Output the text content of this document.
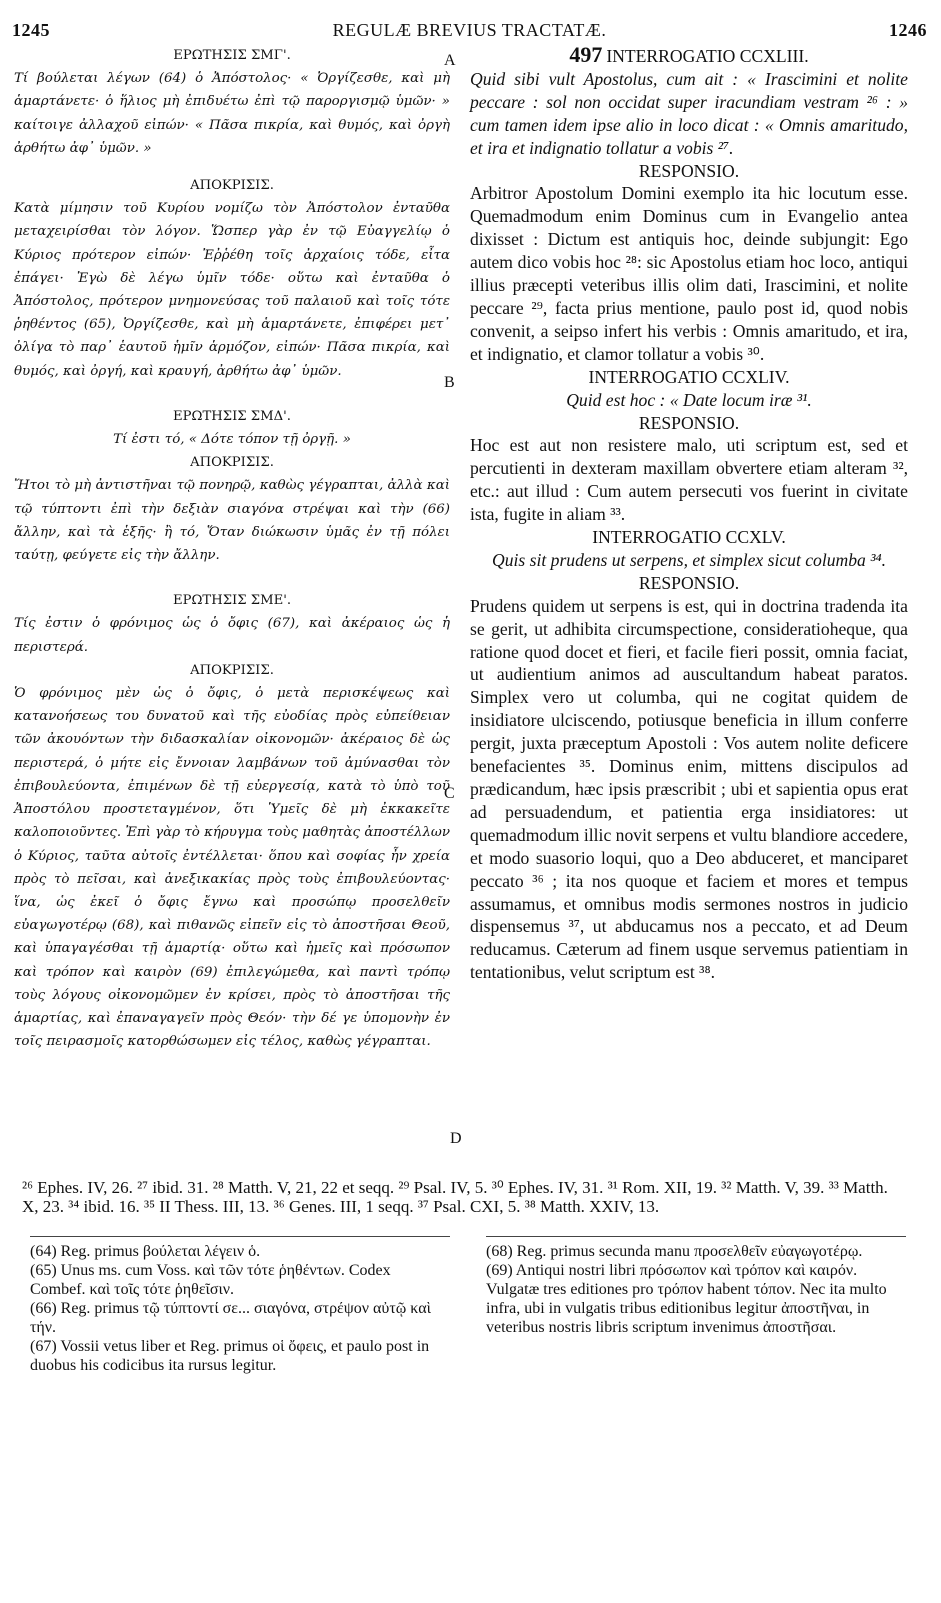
1245	REGULÆ BREVIUS TRACTATÆ.	1246
A
B
C
D
ΕΡΩΤΗΣΙΣ ΣΜΓ'.
Τί βούλεται λέγων (64) ὁ Ἀπόστολος· « Ὀργίζεσθε, καὶ μὴ ἁμαρτάνετε· ὁ ἥλιος μὴ ἐπιδυέτω ἐπὶ τῷ παροργισμῷ ὑμῶν· » καίτοιγε ἀλλαχοῦ εἰπών· « Πᾶσα πικρία, καὶ θυμός, καὶ ὀργὴ ἀρθήτω ἀφ᾽ ὑμῶν. »
ΑΠΟΚΡΙΣΙΣ.
Κατὰ μίμησιν τοῦ Κυρίου νομίζω τὸν Ἀπόστολον ἐνταῦθα μεταχειρίσθαι τὸν λόγον. Ὥσπερ γὰρ ἐν τῷ Εὐαγγελίῳ ὁ Κύριος πρότερον εἰπών· Ἐῤῥέθη τοῖς ἀρχαίοις τόδε, εἶτα ἐπάγει· Ἐγὼ δὲ λέγω ὑμῖν τόδε· οὕτω καὶ ἐνταῦθα ὁ Ἀπόστολος, πρότερον μνημονεύσας τοῦ παλαιοῦ καὶ τοῖς τότε ῥηθέντος (65), Ὀργίζεσθε, καὶ μὴ ἁμαρτάνετε, ἐπιφέρει μετ᾽ ὀλίγα τὸ παρ᾽ ἑαυτοῦ ἡμῖν ἁρμόζον, εἰπών· Πᾶσα πικρία, καὶ θυμός, καὶ ὀργή, καὶ κραυγή, ἀρθήτω ἀφ᾽ ὑμῶν.
ΕΡΩΤΗΣΙΣ ΣΜΔ'.
Τί ἐστι τό, « Δότε τόπον τῇ ὀργῇ. »
ΑΠΟΚΡΙΣΙΣ.
Ἤτοι τὸ μὴ ἀντιστῆναι τῷ πονηρῷ, καθὼς γέγραπται, ἀλλὰ καὶ τῷ τύπτοντι ἐπὶ τὴν δεξιὰν σιαγόνα στρέψαι καὶ τὴν (66) ἄλλην, καὶ τὰ ἑξῆς· ἢ τό, Ὅταν διώκωσιν ὑμᾶς ἐν τῇ πόλει ταύτῃ, φεύγετε εἰς τὴν ἄλλην.
ΕΡΩΤΗΣΙΣ ΣΜΕ'.
Τίς ἐστιν ὁ φρόνιμος ὡς ὁ ὄφις (67), καὶ ἀκέραιος ὡς ἡ περιστερά.
ΑΠΟΚΡΙΣΙΣ.
Ὁ φρόνιμος μὲν ὡς ὁ ὄφις, ὁ μετὰ περισκέψεως καὶ κατανοήσεως του δυνατοῦ καὶ τῆς εὐοδίας πρὸς εὐπείθειαν τῶν ἀκουόντων τὴν διδασκαλίαν οἰκονομῶν· ἀκέραιος δὲ ὡς περιστερά, ὁ μήτε εἰς ἔννοιαν λαμβάνων τοῦ ἀμύνασθαι τὸν ἐπιβουλεύοντα, ἐπιμένων δὲ τῇ εὐεργεσίᾳ, κατὰ τὸ ὑπὸ τοῦ Ἀποστόλου προστεταγμένον, ὅτι Ὑμεῖς δὲ μὴ ἐκκακεῖτε καλοποιοῦντες. Ἐπὶ γὰρ τὸ κήρυγμα τοὺς μαθητὰς ἀποστέλλων ὁ Κύριος, ταῦτα αὐτοῖς ἐντέλλεται· ὅπου καὶ σοφίας ἦν χρεία πρὸς τὸ πεῖσαι, καὶ ἀνεξικακίας πρὸς τοὺς ἐπιβουλεύοντας· ἵνα, ὡς ἐκεῖ ὁ ὄφις ἔγνω καὶ προσώπῳ προσελθεῖν εὐαγωγοτέρῳ (68), καὶ πιθανῶς εἰπεῖν εἰς τὸ ἀποστῆσαι Θεοῦ, καὶ ὑπαγαγέσθαι τῇ ἁμαρτίᾳ· οὕτω καὶ ἡμεῖς καὶ πρόσωπον καὶ τρόπον καὶ καιρὸν (69) ἐπιλεγώμεθα, καὶ παντὶ τρόπῳ τοὺς λόγους οἰκονομῶμεν ἐν κρίσει, πρὸς τὸ ἀποστῆσαι τῆς ἁμαρτίας, καὶ ἐπαναγαγεῖν πρὸς Θεόν· τὴν δέ γε ὑπομονὴν ἐν τοῖς πειρασμοῖς κατορθώσωμεν εἰς τέλος, καθὼς γέγραπται.
497 INTERROGATIO CCXLIII.
Quid sibi vult Apostolus, cum ait : « Irascimini et nolite peccare : sol non occidat super iracundiam vestram ²⁶ : » cum tamen idem ipse alio in loco dicat : « Omnis amaritudo, et ira et indignatio tollatur a vobis ²⁷.
RESPONSIO.
Arbitror Apostolum Domini exemplo ita hic locutum esse. Quemadmodum enim Dominus cum in Evangelio antea dixisset : Dictum est antiquis hoc, deinde subjungit: Ego autem dico vobis hoc ²⁸: sic Apostolus etiam hoc loco, antiqui illius præcepti veteribus illis olim dati, Irascimini, et nolite peccare ²⁹, facta prius mentione, paulo post id, quod nobis convenit, a seipso infert his verbis : Omnis amaritudo, et ira, et indignatio, et clamor tollatur a vobis ³⁰.
INTERROGATIO CCXLIV.
Quid est hoc : « Date locum iræ ³¹.
RESPONSIO.
Hoc est aut non resistere malo, uti scriptum est, sed et percutienti in dexteram maxillam obvertere etiam alteram ³², etc.: aut illud : Cum autem persecuti vos fuerint in civitate ista, fugite in aliam ³³.
INTERROGATIO CCXLV.
Quis sit prudens ut serpens, et simplex sicut columba ³⁴.
RESPONSIO.
Prudens quidem ut serpens is est, qui in doctrina tradenda ita se gerit, ut adhibita circumspectione, consideratioheque, qua ratione quod docet et fieri, et facile fieri possit, omnia faciat, ut audientium animos ad auscultandum habeat paratos. Simplex vero ut columba, qui ne cogitat quidem de insidiatore ulciscendo, potiusque beneficia in illum conferre pergit, juxta præceptum Apostoli : Vos autem nolite deficere benefacientes ³⁵. Dominus enim, mittens discipulos ad prædicandum, hæc ipsis præscribit ; ubi et sapientia opus erat ad persuadendum, et patientia erga insidiatores: ut quemadmodum illic novit serpens et vultu blandiore accedere, et modo suasorio loqui, quo a Deo abduceret, et manciparet peccato ³⁶ ; ita nos quoque et faciem et mores et tempus assumamus, et omnibus modis sermones nostros in judicio dispensemus ³⁷, ut abducamus nos a peccato, et ad Deum reducamus. Cæterum ad finem usque servemus patientiam in tentationibus, velut scriptum est ³⁸.
²⁶ Ephes. IV, 26. ²⁷ ibid. 31. ²⁸ Matth. V, 21, 22 et seqq. ²⁹ Psal. IV, 5. ³⁰ Ephes. IV, 31. ³¹ Rom. XII, 19. ³² Matth. V, 39. ³³ Matth. X, 23. ³⁴ ibid. 16. ³⁵ II Thess. III, 13. ³⁶ Genes. III, 1 seqq. ³⁷ Psal. CXI, 5. ³⁸ Matth. XXIV, 13.

(64) Reg. primus βούλεται λέγειν ὁ.

(65) Unus ms. cum Voss. καὶ τῶν τότε ῥηθέντων. Codex Combef. καὶ τοῖς τότε ῥηθεῖσιν.

(66) Reg. primus τῷ τύπτοντί σε... σιαγόνα, στρέψον αὐτῷ καὶ τήν.

(67) Vossii vetus liber et Reg. primus οἱ ὄφεις, et paulo post in duobus his codicibus ita rursus legitur.

(68) Reg. primus secunda manu προσελθεῖν εὐαγωγοτέρῳ.

(69) Antiqui nostri libri πρόσωπον καὶ τρόπον καὶ καιρόν. Vulgatæ tres editiones pro τρόπον habent τόπον. Nec ita multo infra, ubi in vulgatis tribus editionibus legitur ἀποστῆναι, in veteribus nostris libris scriptum invenimus ἀποστῆσαι.
